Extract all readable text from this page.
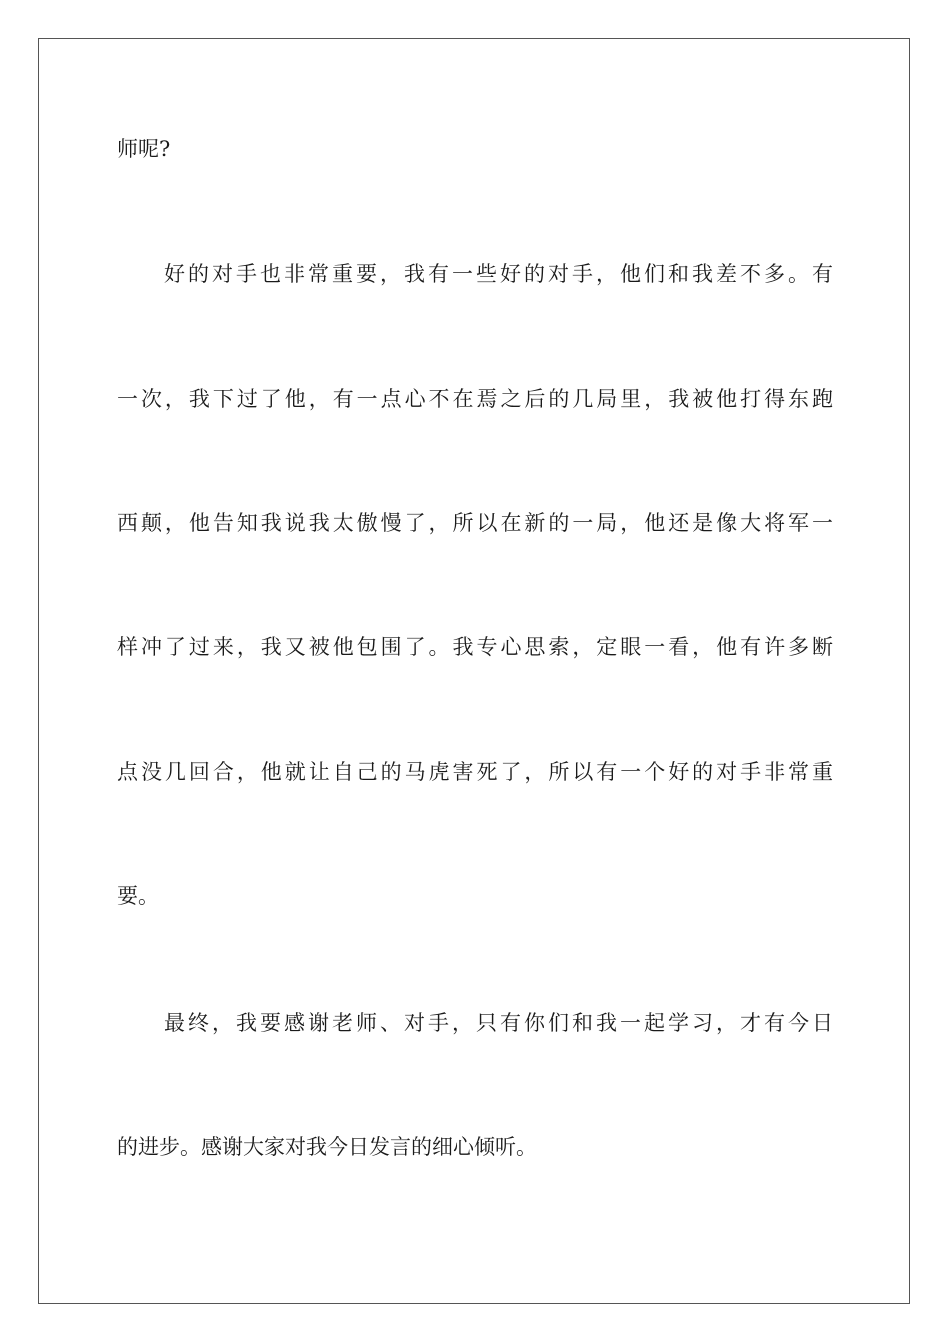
师呢?

好的对手也非常重要，我有一些好的对手，他们和我差不多。有

一次，我下过了他，有一点心不在焉之后的几局里，我被他打得东跑

西颠，他告知我说我太傲慢了，所以在新的一局，他还是像大将军一

样冲了过来，我又被他包围了。我专心思索，定眼一看，他有许多断

点没几回合，他就让自己的马虎害死了，所以有一个好的对手非常重

要。

最终，我要感谢老师、对手，只有你们和我一起学习，才有今日

的进步。感谢大家对我今日发言的细心倾听。
